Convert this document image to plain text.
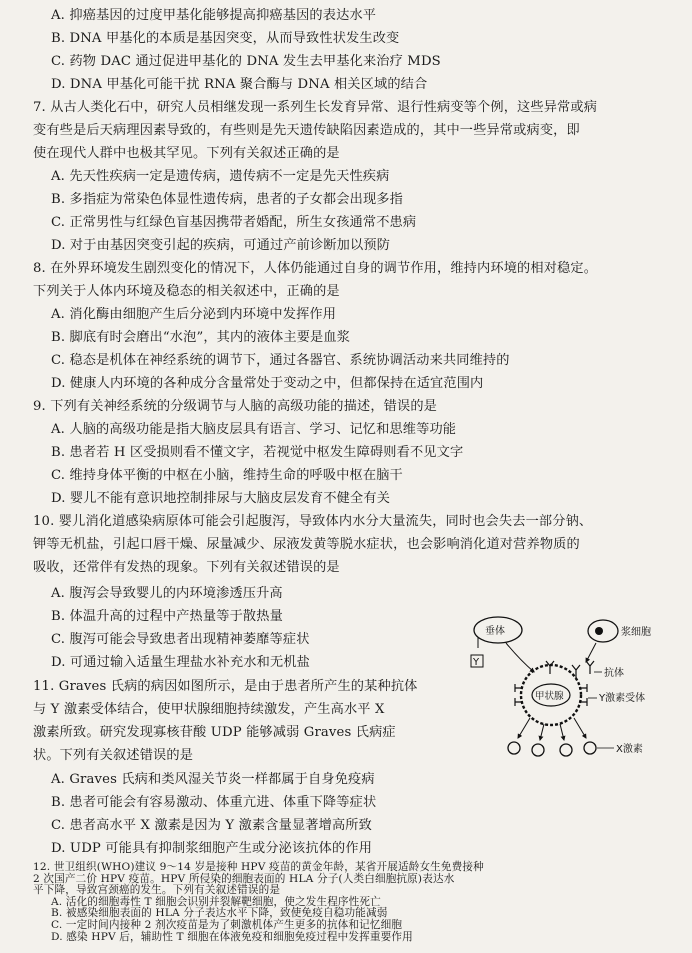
A. 抑癌基因的过度甲基化能够提高抑癌基因的表达水平
B. DNA 甲基化的本质是基因突变，从而导致性状发生改变
C. 药物 DAC 通过促进甲基化的 DNA 发生去甲基化来治疗 MDS
D. DNA 甲基化可能干扰 RNA 聚合酶与 DNA 相关区域的结合
7. 从古人类化石中，研究人员相继发现一系列生长发育异常、退行性病变等个例，这些异常或病
变有些是后天病理因素导致的，有些则是先天遗传缺陷因素造成的，其中一些异常或病变，即
使在现代人群中也极其罕见。下列有关叙述正确的是
A. 先天性疾病一定是遗传病，遗传病不一定是先天性疾病
B. 多指症为常染色体显性遗传病，患者的子女都会出现多指
C. 正常男性与红绿色盲基因携带者婚配，所生女孩通常不患病
D. 对于由基因突变引起的疾病，可通过产前诊断加以预防
8. 在外界环境发生剧烈变化的情况下，人体仍能通过自身的调节作用，维持内环境的相对稳定。
下列关于人体内环境及稳态的相关叙述中，正确的是
A. 消化酶由细胞产生后分泌到内环境中发挥作用
B. 脚底有时会磨出“水泡”，其内的液体主要是血浆
C. 稳态是机体在神经系统的调节下，通过各器官、系统协调活动来共同维持的
D. 健康人内环境的各种成分含量常处于变动之中，但都保持在适宜范围内
9. 下列有关神经系统的分级调节与人脑的高级功能的描述，错误的是
A. 人脑的高级功能是指大脑皮层具有语言、学习、记忆和思维等功能
B. 患者若 H 区受损则看不懂文字，若视觉中枢发生障碍则看不见文字
C. 维持身体平衡的中枢在小脑，维持生命的呼吸中枢在脑干
D. 婴儿不能有意识地控制排尿与大脑皮层发育不健全有关
10. 婴儿消化道感染病原体可能会引起腹泻，导致体内水分大量流失，同时也会失去一部分钠、
钾等无机盐，引起口唇干燥、尿量减少、尿液发黄等脱水症状，也会影响消化道对营养物质的
吸收，还常伴有发热的现象。下列有关叙述错误的是
A. 腹泻会导致婴儿的内环境渗透压升高
B. 体温升高的过程中产热量等于散热量
C. 腹泻可能会导致患者出现精神萎靡等症状
D. 可通过输入适量生理盐水补充水和无机盐
11. Graves 氏病的病因如图所示，是由于患者所产生的某种抗体
与 Y 激素受体结合，使甲状腺细胞持续激发，产生高水平 X
激素所致。研究发现寡核苷酸 UDP 能够减弱 Graves 氏病症
状。下列有关叙述错误的是
A. Graves 氏病和类风湿关节炎一样都属于自身免疫病
B. 患者可能会有容易激动、体重亢进、体重下降等症状
C. 患者高水平 X 激素是因为 Y 激素含量显著增高所致
D. UDP 可能具有抑制浆细胞产生或分泌该抗体的作用
垂体
Y
浆细胞
抗体
甲状腺	Y激素受体
X激素
12. 世卫组织(WHO)建议 9～14 岁是接种 HPV 疫苗的黄金年龄，某省开展适龄女生免费接种
2 次国产二价 HPV 疫苗。HPV 所侵染的细胞表面的 HLA 分子(人类白细胞抗原)表达水
平下降，导致宫颈癌的发生。下列有关叙述错误的是
A. 活化的细胞毒性 T 细胞会识别并裂解靶细胞，使之发生程序性死亡
B. 被感染细胞表面的 HLA 分子表达水平下降，致使免疫自稳功能减弱
C. 一定时间内接种 2 剂次疫苗是为了刺激机体产生更多的抗体和记忆细胞
D. 感染 HPV 后，辅助性 T 细胞在体液免疫和细胞免疫过程中发挥重要作用
